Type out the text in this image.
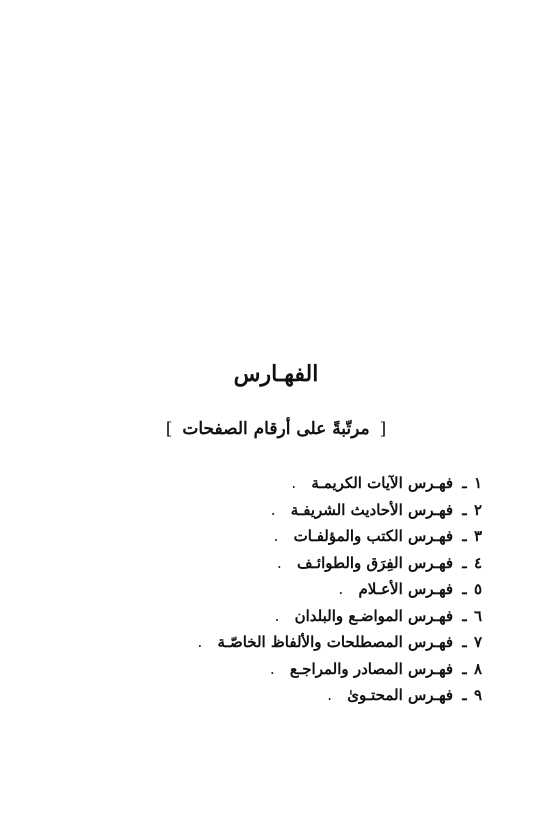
الفهـارس

[ مرتّبةً على أرقام الصفحات ]

١ ـ فهـرس الآيات الكريمـة .
٢ ـ فهـرس الأحاديث الشريفـة .
٣ ـ فهـرس الكتب والمؤلفـات .
٤ ـ فهـرس الفِرَق والطوائـف .
٥ ـ فهـرس الأعـلام .
٦ ـ فهـرس المواضـع والبلدان .
٧ ـ فهـرس المصطلحات والألفاظ الخاصّـة .
٨ ـ فهـرس المصادر والمراجـع .
٩ ـ فهـرس المحتـوىٰ .
